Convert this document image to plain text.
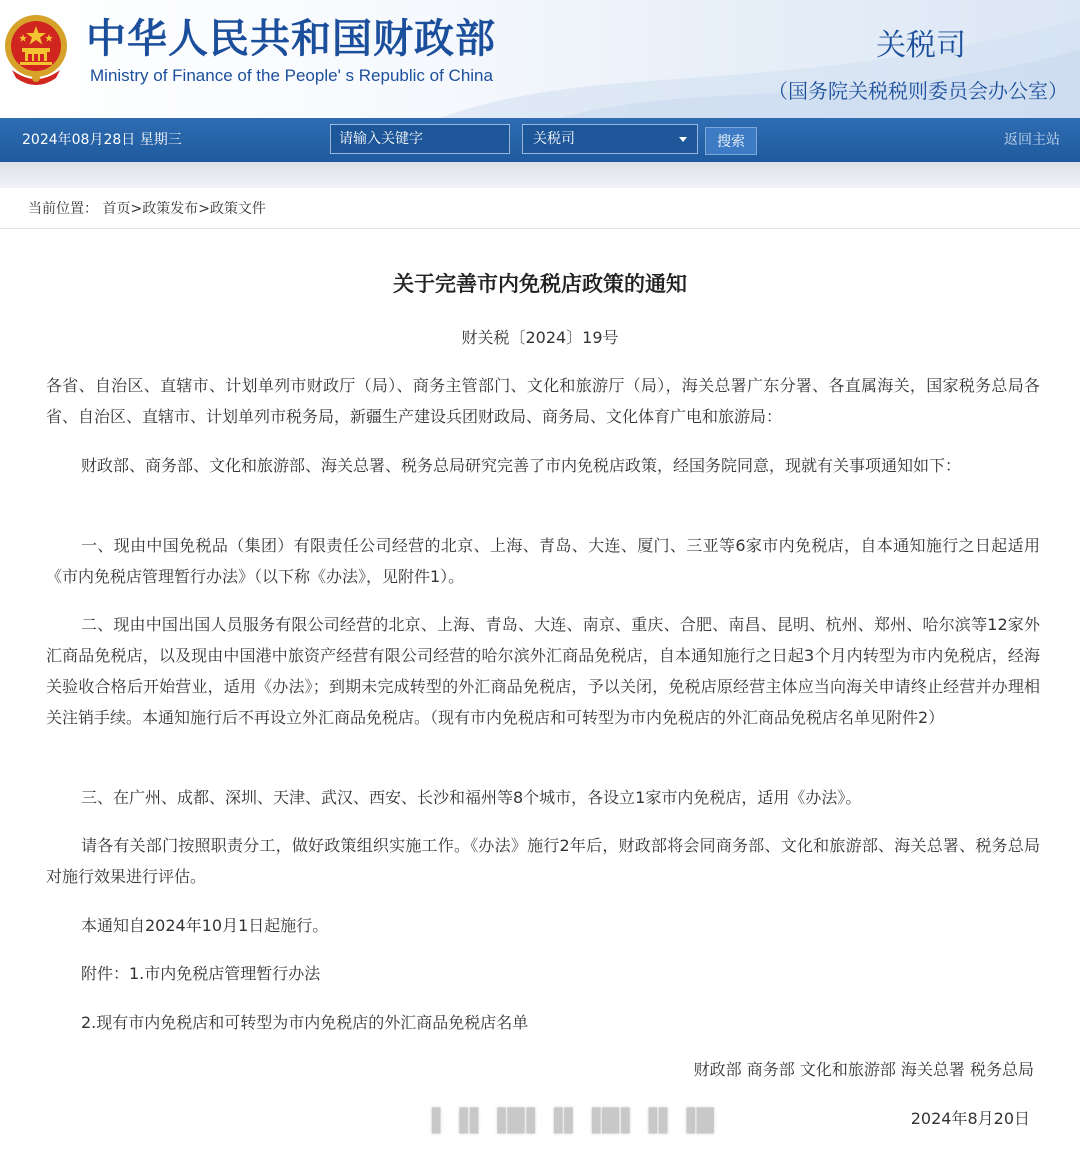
中华人民共和国财政部
Ministry of Finance of the People' s Republic of China
关税司
（国务院关税税则委员会办公室）
2024年08月28日 星期三
请输入关键字	关税司	搜索	返回主站
当前位置： 首页>政策发布>政策文件
关于完善市内免税店政策的通知
财关税〔2024〕19号

各省、自治区、直辖市、计划单列市财政厅（局）、商务主管部门、文化和旅游厅（局），海关总署广东分署、各直属海关，国家税务总局各省、自治区、直辖市、计划单列市税务局，新疆生产建设兵团财政局、商务局、文化体育广电和旅游局：

财政部、商务部、文化和旅游部、海关总署、税务总局研究完善了市内免税店政策，经国务院同意，现就有关事项通知如下：

一、现由中国免税品（集团）有限责任公司经营的北京、上海、青岛、大连、厦门、三亚等6家市内免税店，自本通知施行之日起适用《市内免税店管理暂行办法》（以下称《办法》，见附件1）。

二、现由中国出国人员服务有限公司经营的北京、上海、青岛、大连、南京、重庆、合肥、南昌、昆明、杭州、郑州、哈尔滨等12家外汇商品免税店，以及现由中国港中旅资产经营有限公司经营的哈尔滨外汇商品免税店，自本通知施行之日起3个月内转型为市内免税店，经海关验收合格后开始营业，适用《办法》；到期未完成转型的外汇商品免税店，予以关闭，免税店原经营主体应当向海关申请终止经营并办理相关注销手续。本通知施行后不再设立外汇商品免税店。（现有市内免税店和可转型为市内免税店的外汇商品免税店名单见附件2）

三、在广州、成都、深圳、天津、武汉、西安、长沙和福州等8个城市，各设立1家市内免税店，适用《办法》。

请各有关部门按照职责分工，做好政策组织实施工作。《办法》施行2年后，财政部将会同商务部、文化和旅游部、海关总署、税务总局对施行效果进行评估。

本通知自2024年10月1日起施行。

附件：1.市内免税店管理暂行办法

2.现有市内免税店和可转型为市内免税店的外汇商品免税店名单

财政部 商务部 文化和旅游部 海关总署 税务总局
▌▐▌▐█▌▐▌▐█▌▐▌▐█	2024年8月20日
